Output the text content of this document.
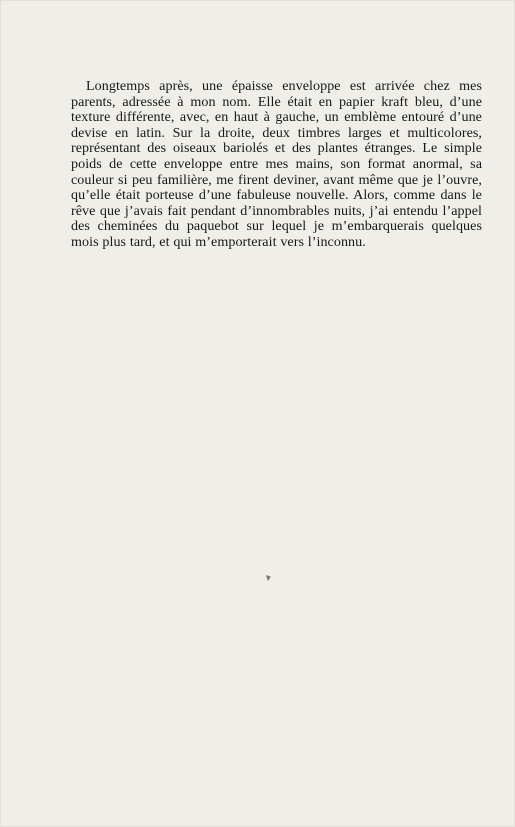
Longtemps après, une épaisse enveloppe est arrivée chez mes parents, adressée à mon nom. Elle était en papier kraft bleu, d’une texture différente, avec, en haut à gauche, un emblème entouré d’une devise en latin. Sur la droite, deux timbres larges et multicolores, représentant des oiseaux bariolés et des plantes étranges. Le simple poids de cette enveloppe entre mes mains, son format anormal, sa couleur si peu familière, me firent deviner, avant même que je l’ouvre, qu’elle était porteuse d’une fabuleuse nouvelle. Alors, comme dans le rêve que j’avais fait pendant d’innombrables nuits, j’ai entendu l’appel des cheminées du paquebot sur lequel je m’embarquerais quelques mois plus tard, et qui m’emporterait vers l’inconnu.
